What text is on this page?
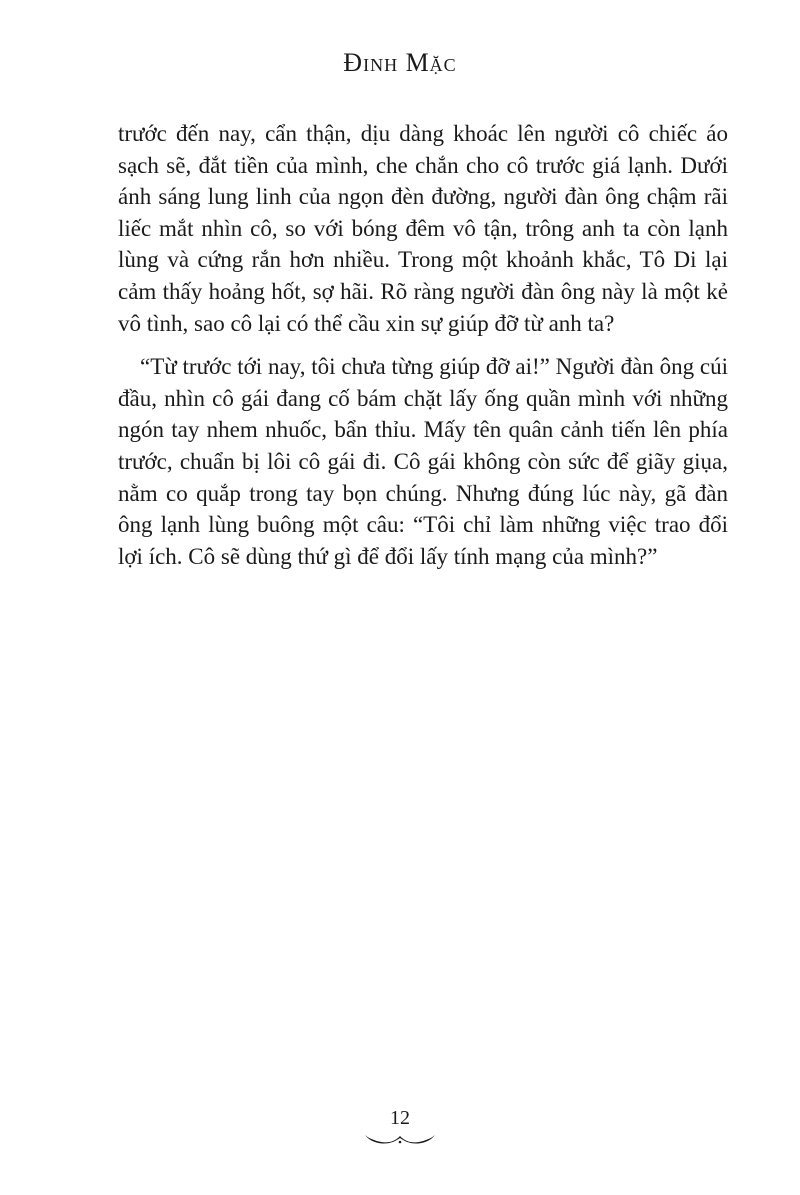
Đinh Mặc

trước đến nay, cẩn thận, dịu dàng khoác lên người cô chiếc áo sạch sẽ, đắt tiền của mình, che chắn cho cô trước giá lạnh. Dưới ánh sáng lung linh của ngọn đèn đường, người đàn ông chậm rãi liếc mắt nhìn cô, so với bóng đêm vô tận, trông anh ta còn lạnh lùng và cứng rắn hơn nhiều. Trong một khoảnh khắc, Tô Di lại cảm thấy hoảng hốt, sợ hãi. Rõ ràng người đàn ông này là một kẻ vô tình, sao cô lại có thể cầu xin sự giúp đỡ từ anh ta?

“Từ trước tới nay, tôi chưa từng giúp đỡ ai!” Người đàn ông cúi đầu, nhìn cô gái đang cố bám chặt lấy ống quần mình với những ngón tay nhem nhuốc, bẩn thỉu. Mấy tên quân cảnh tiến lên phía trước, chuẩn bị lôi cô gái đi. Cô gái không còn sức để giãy giụa, nằm co quắp trong tay bọn chúng. Nhưng đúng lúc này, gã đàn ông lạnh lùng buông một câu: “Tôi chỉ làm những việc trao đổi lợi ích. Cô sẽ dùng thứ gì để đổi lấy tính mạng của mình?”

12
